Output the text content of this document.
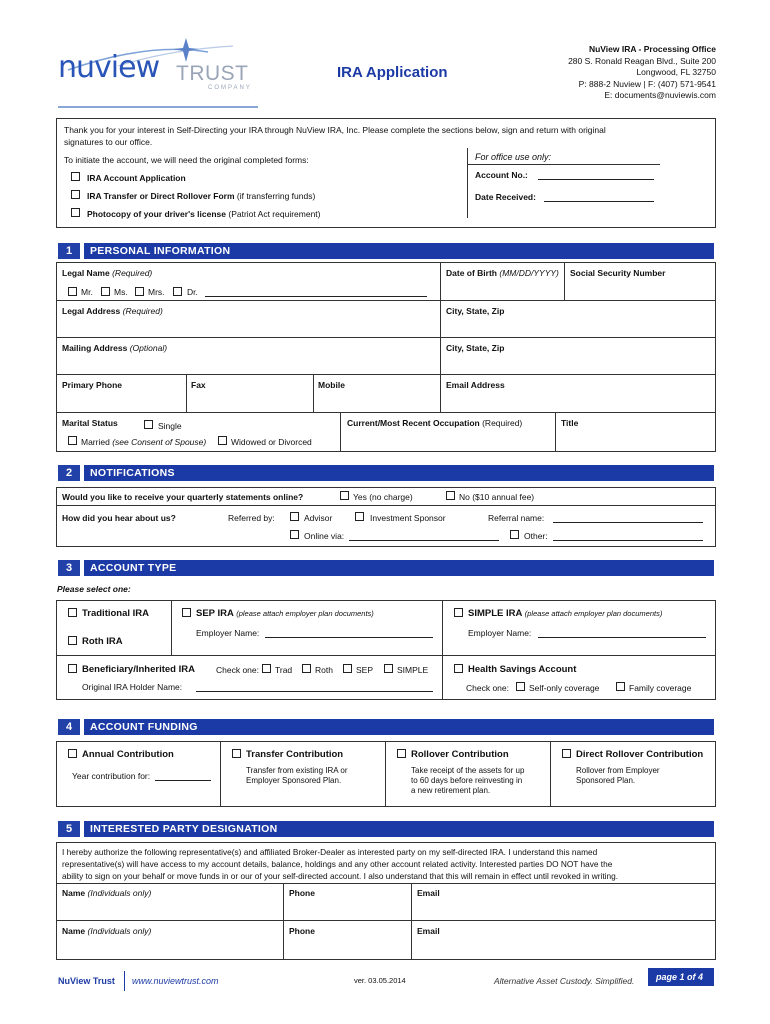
nuview TRUST
COMPANY
IRA Application
NuView IRA - Processing Office
280 S. Ronald Reagan Blvd., Suite 200
Longwood, FL 32750
P: 888-2 Nuview | F: (407) 571-9541
E: documents@nuviewis.com
Thank you for your interest in Self-Directing your IRA through NuView IRA, Inc. Please complete the sections below, sign and return with original
signatures to our office.
To initiate the account, we will need the original completed forms:
IRA Account Application
IRA Transfer or Direct Rollover Form (if transferring funds)
Photocopy of your driver's license (Patriot Act requirement)
For office use only:
Account No.:
Date Received:
1	PERSONAL INFORMATION
Legal Name (Required)
Mr. Ms. Mrs.	Dr.
Date of Birth (MM/DD/YYYY) Social Security Number
Legal Address (Required)	City, State, Zip
Mailing Address (Optional)	City, State, Zip
Primary Phone	Fax	Mobile	Email Address
Marital Status	Single
Married (see Consent of Spouse)	Widowed or Divorced
Current/Most Recent Occupation (Required)	Title
2	NOTIFICATIONS
Would you like to receive your quarterly statements online?	Yes (no charge)	No ($10 annual fee)
How did you hear about us?	Referred by:	Advisor	Investment Sponsor	Referral name:
Online via:	Other:
3	ACCOUNT TYPE
Please select one:
Traditional IRA
Roth IRA
SEP IRA (please attach employer plan documents)
Employer Name:
SIMPLE IRA (please attach employer plan documents)
Employer Name:
Beneficiary/Inherited IRA Check one: Trad	Roth	SEP	SIMPLE
Original IRA Holder Name:
Health Savings Account
Check one: Self-only coverage	Family coverage
4	ACCOUNT FUNDING
Annual Contribution
Year contribution for:
Transfer Contribution
Transfer from existing IRA or
Employer Sponsored Plan.
Rollover Contribution
Take receipt of the assets for up
to 60 days before reinvesting in
a new retirement plan.
Direct Rollover Contribution
Rollover from Employer
Sponsored Plan.
5	INTERESTED PARTY DESIGNATION
I hereby authorize the following representative(s) and affiliated Broker-Dealer as interested party on my self-directed IRA. I understand this named
representative(s) will have access to my account details, balance, holdings and any other account related activity. Interested parties DO NOT have the
ability to sign on your behalf or move funds in or our of your self-directed account. I also understand that this will remain in effect until revoked in writing.
Name (Individuals only)	Phone	Email
Name (Individuals only)	Phone	Email
NuView Trust www.nuviewtrust.com	ver. 03.05.2014	Alternative Asset Custody. Simplified. page 1 of 4
